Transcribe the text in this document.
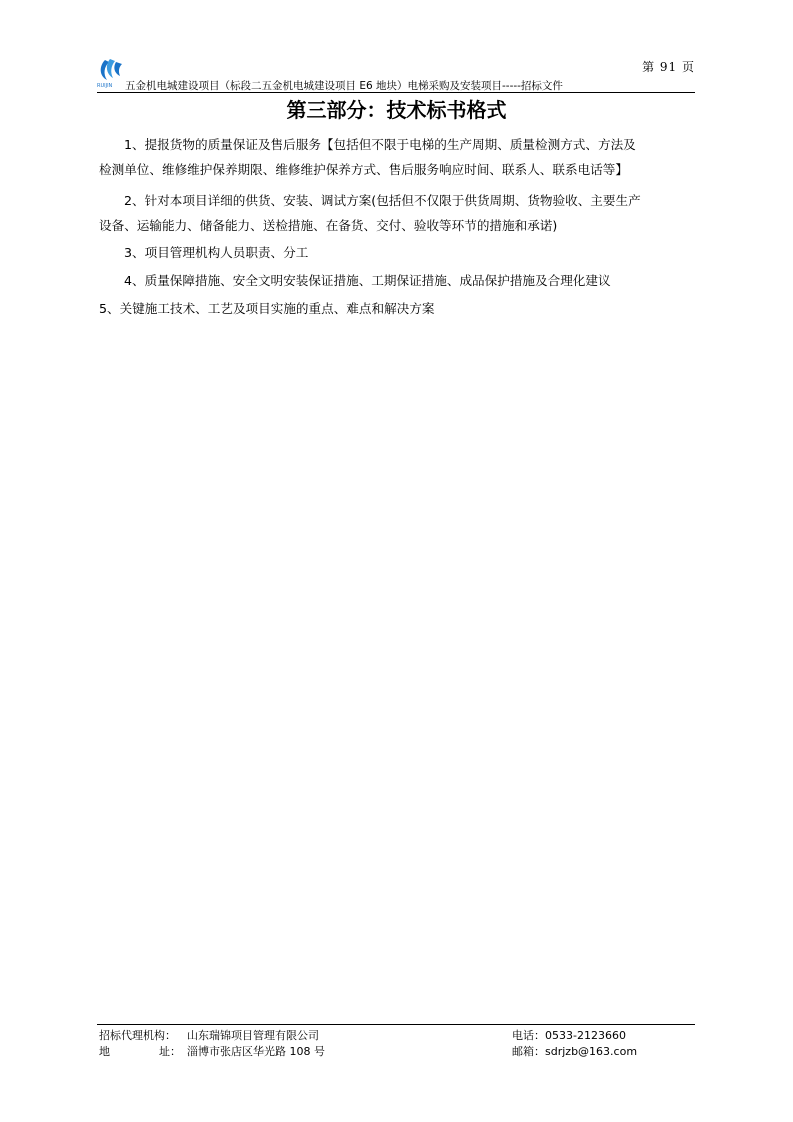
RUIJIN
第 91 页
五金机电城建设项目（标段二五金机电城建设项目 E6 地块）电梯采购及安装项目-----招标文件
第三部分：技术标书格式
1、提报货物的质量保证及售后服务【包括但不限于电梯的生产周期、质量检测方式、方法及
检测单位、维修维护保养期限、维修维护保养方式、售后服务响应时间、联系人、联系电话等】
2、针对本项目详细的供货、安装、调试方案(包括但不仅限于供货周期、货物验收、主要生产
设备、运输能力、储备能力、送检措施、在备货、交付、验收等环节的措施和承诺)
3、项目管理机构人员职责、分工
4、质量保障措施、安全文明安装保证措施、工期保证措施、成品保护措施及合理化建议
5、关键施工技术、工艺及项目实施的重点、难点和解决方案
招标代理机构： 山东瑞锦项目管理有限公司	电话：0533-2123660
地	址： 淄博市张店区华光路 108 号	邮箱：sdrjzb@163.com
